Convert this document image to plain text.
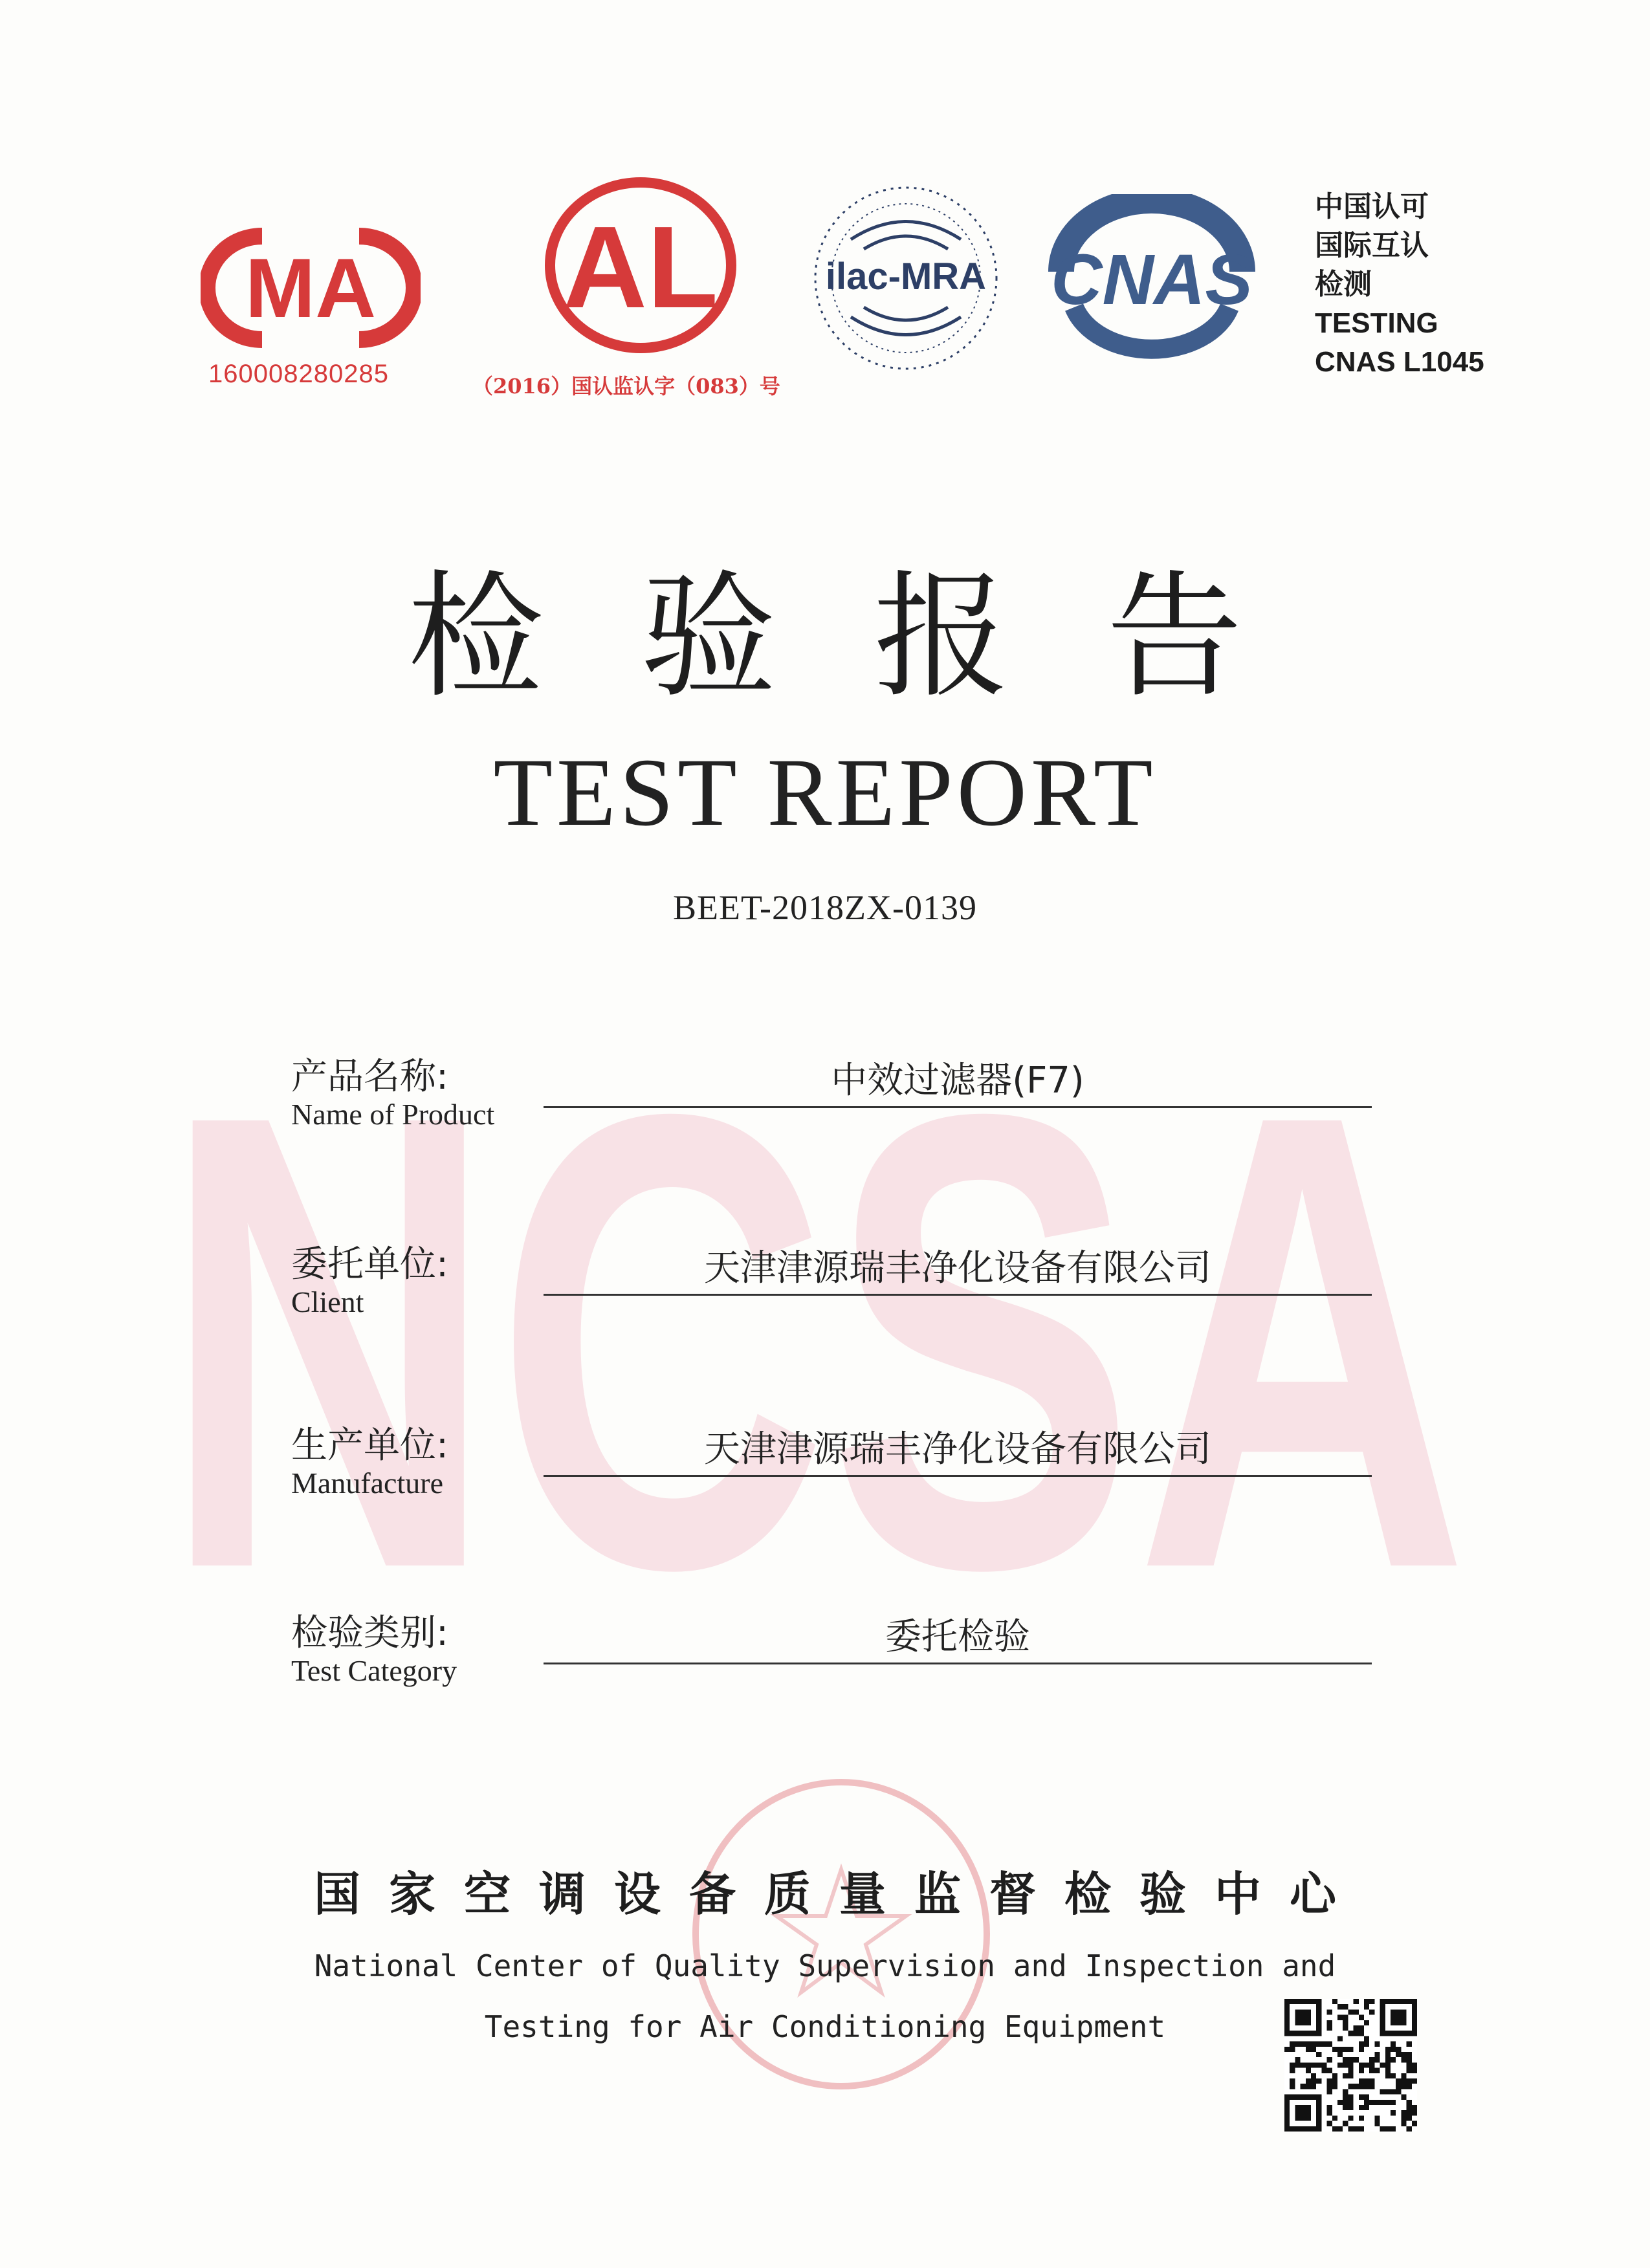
NCSA
MA
160008280285
AL
（2016）国认监认字（083）号
ilac-MRA CNAS
中国认可
国际互认
检测
TESTING
CNAS L1045
检验报告
TEST REPORT
BEET-2018ZX-0139
产品名称:
Name of Product
中效过滤器(F7)
委托单位:
Client
天津津源瑞丰净化设备有限公司
生产单位:
Manufacture
天津津源瑞丰净化设备有限公司
检验类别:
Test Category
委托检验
国家空调设备质量监督检验中心
National Center of Quality Supervision and Inspection and
Testing for Air Conditioning Equipment
